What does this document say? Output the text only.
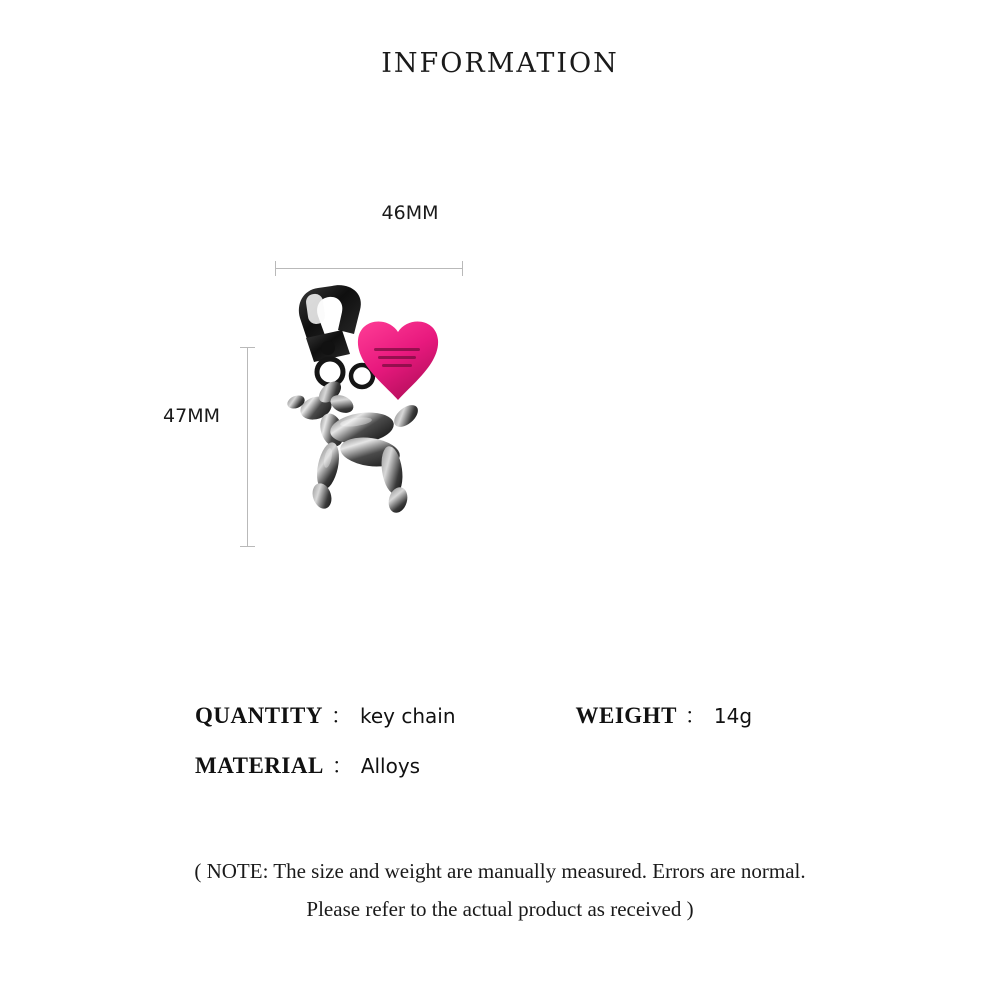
INFORMATION
46MM
47MM
QUANTITY ： key chain	WEIGHT ： 14g
MATERIAL ： Alloys
( NOTE: The size and weight are manually measured. Errors are normal.
Please refer to the actual product as received )
